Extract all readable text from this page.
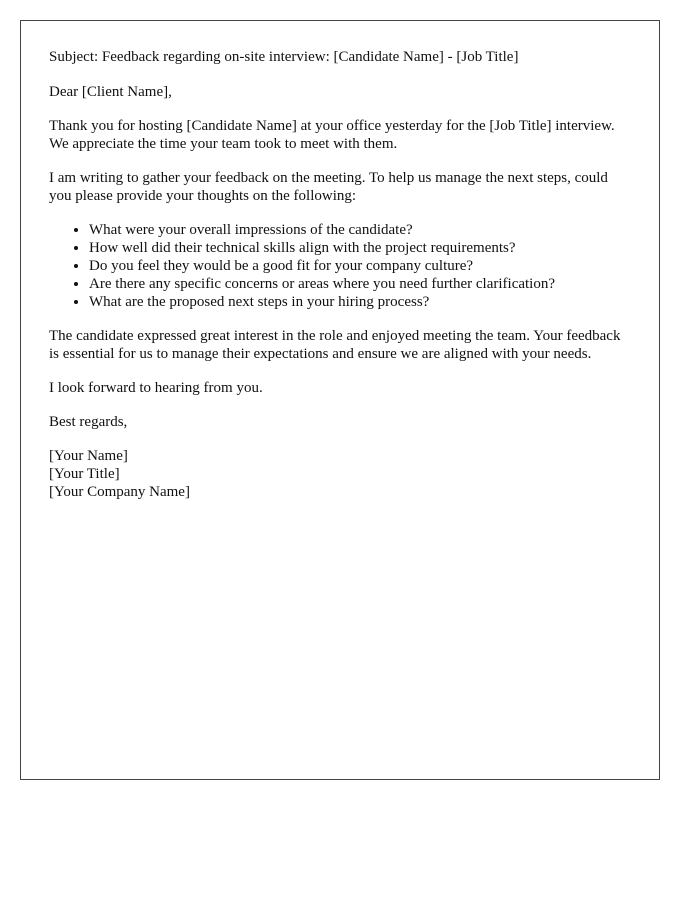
Subject: Feedback regarding on-site interview: [Candidate Name] - [Job Title]

Dear [Client Name],

Thank you for hosting [Candidate Name] at your office yesterday for the [Job Title] interview. We appreciate the time your team took to meet with them.

I am writing to gather your feedback on the meeting. To help us manage the next steps, could you please provide your thoughts on the following:

• What were your overall impressions of the candidate?
• How well did their technical skills align with the project requirements?
• Do you feel they would be a good fit for your company culture?
• Are there any specific concerns or areas where you need further clarification?
• What are the proposed next steps in your hiring process?

The candidate expressed great interest in the role and enjoyed meeting the team. Your feedback is essential for us to manage their expectations and ensure we are aligned with your needs.

I look forward to hearing from you.

Best regards,

[Your Name]
[Your Title]
[Your Company Name]
